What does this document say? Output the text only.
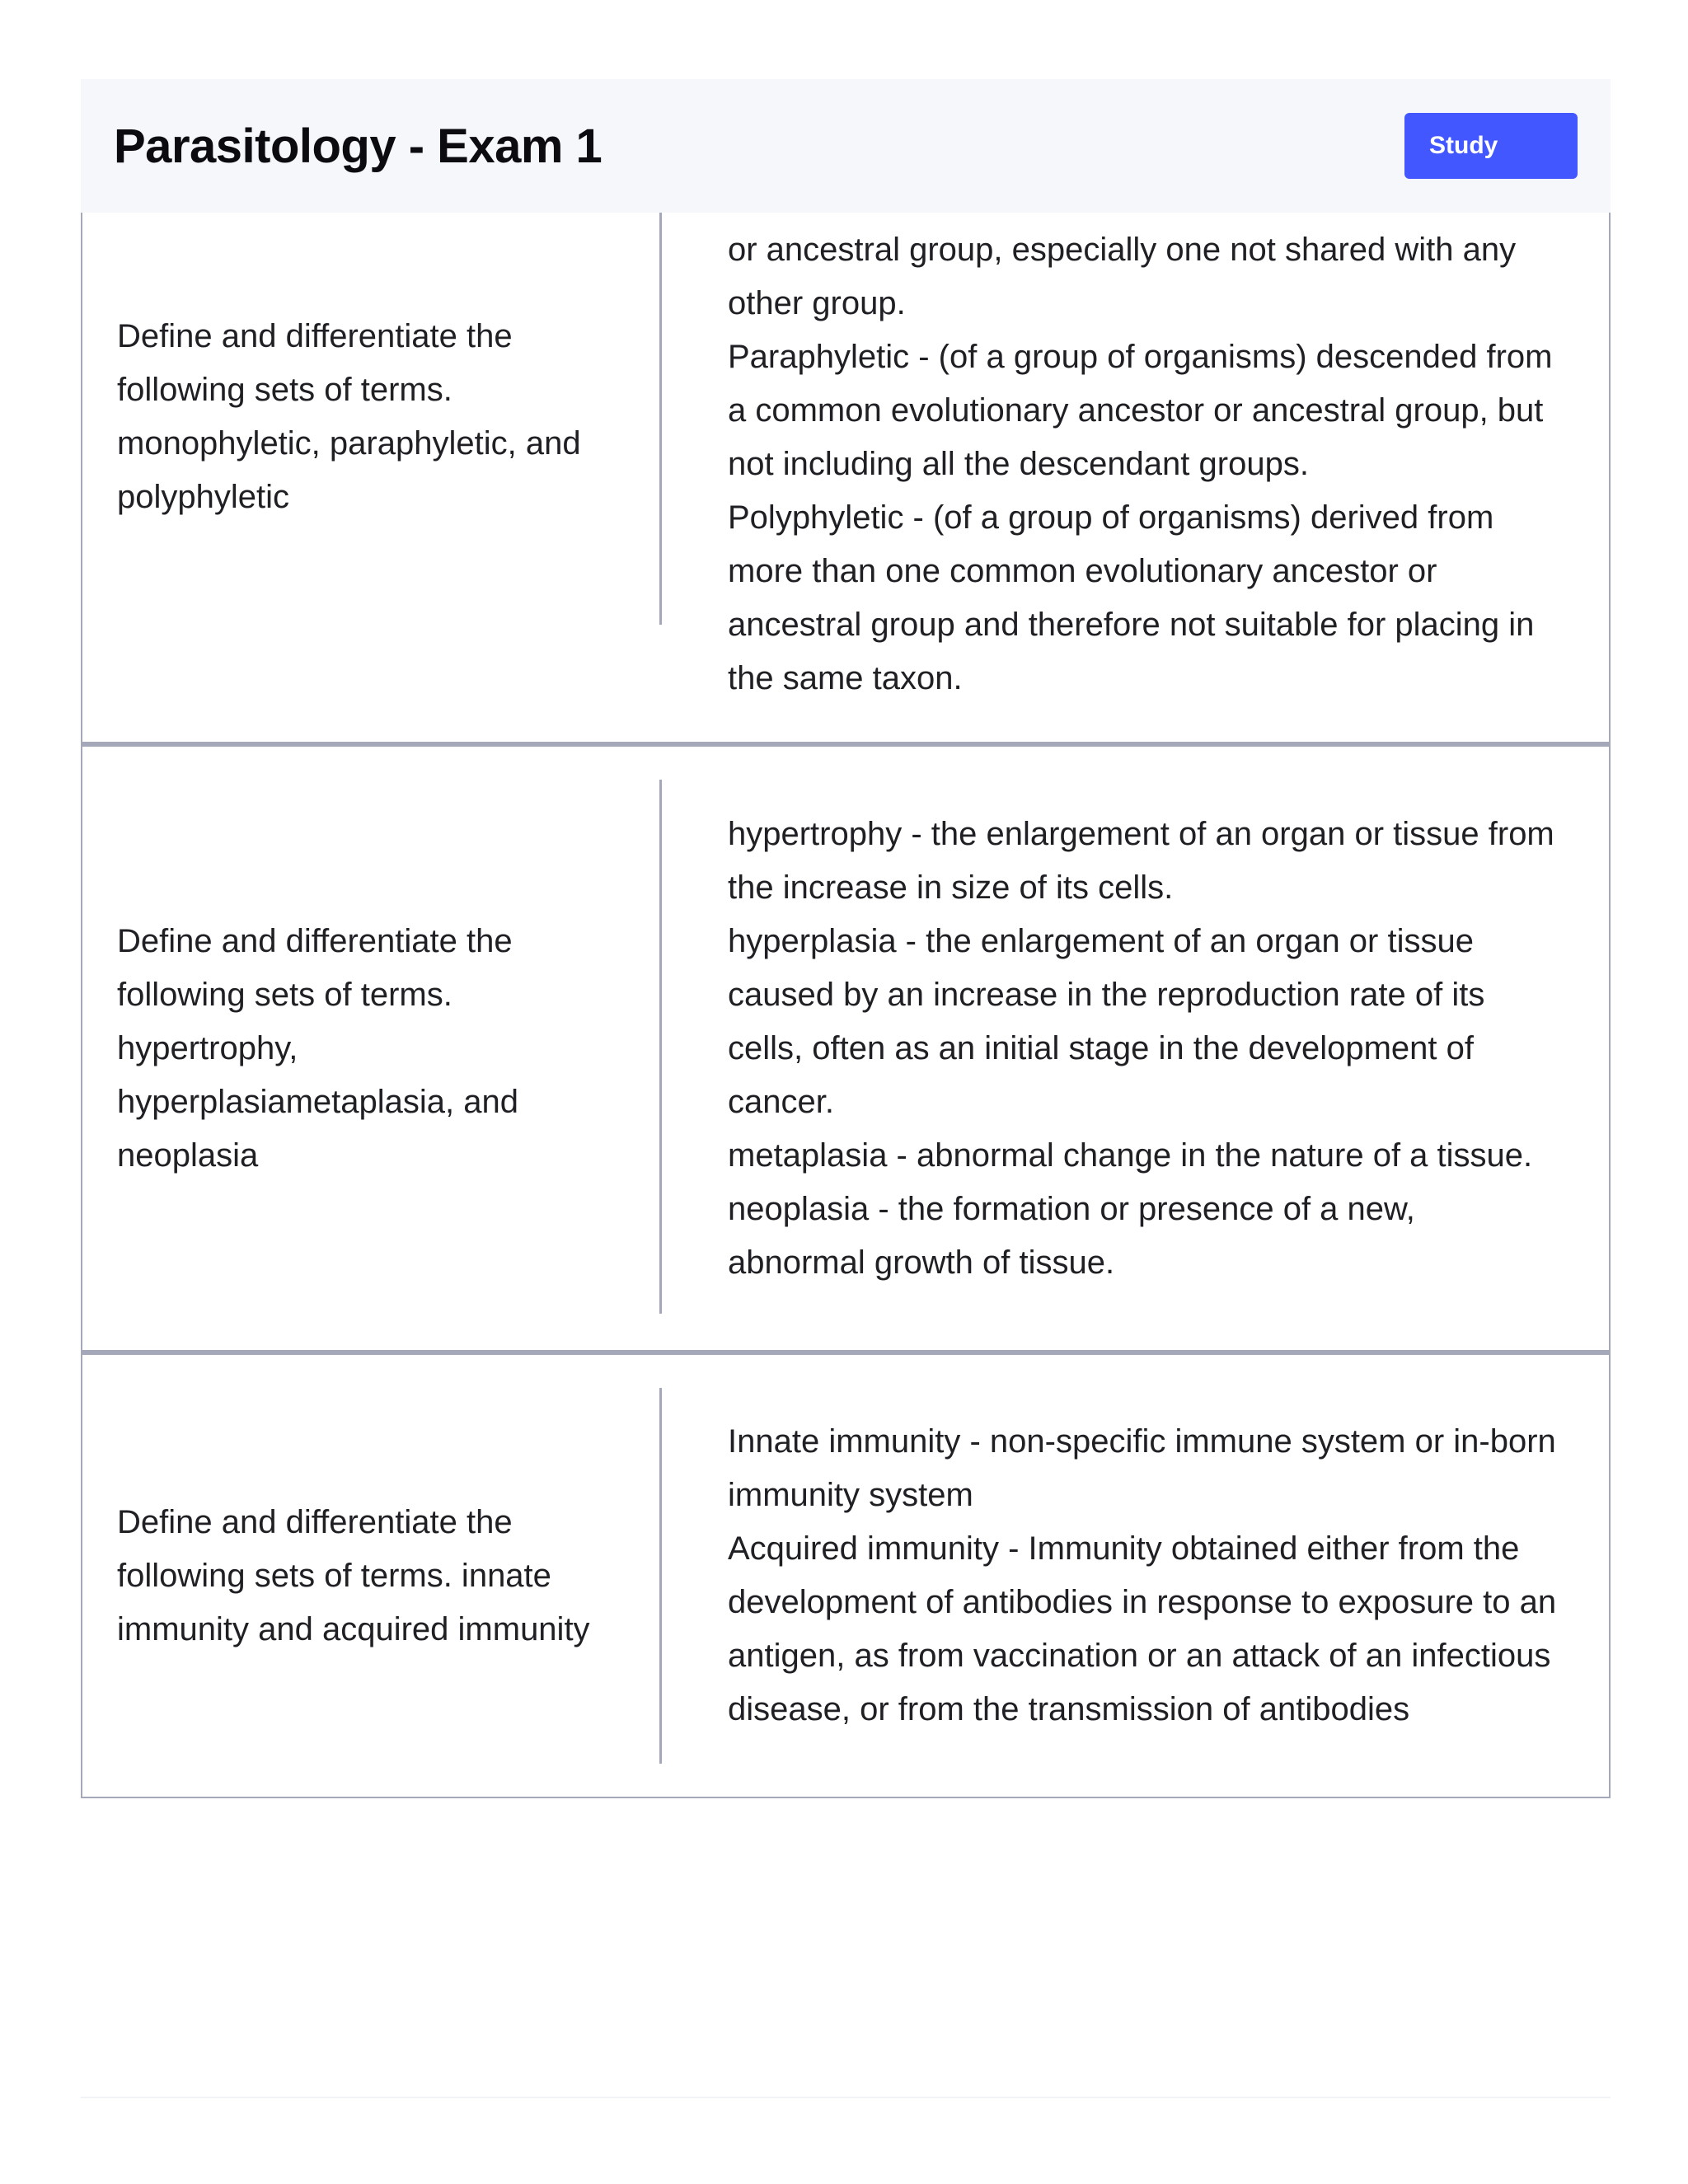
Parasitology - Exam 1	Study
Define and differentiate the following sets of terms. monophyletic, paraphyletic, and polyphyletic

or ancestral group, especially one not shared with any other group.
Paraphyletic - (of a group of organisms) descended from a common evolutionary ancestor or ancestral group, but not including all the descendant groups.
Polyphyletic - (of a group of organisms) derived from more than one common evolutionary ancestor or ancestral group and therefore not suitable for placing in the same taxon.

Define and differentiate the following sets of terms. hypertrophy, hyperplasiametaplasia, and neoplasia

hypertrophy - the enlargement of an organ or tissue from the increase in size of its cells.
hyperplasia - the enlargement of an organ or tissue caused by an increase in the reproduction rate of its cells, often as an initial stage in the development of cancer.
metaplasia - abnormal change in the nature of a tissue.
neoplasia - the formation or presence of a new, abnormal growth of tissue.

Define and differentiate the following sets of terms. innate immunity and acquired immunity

Innate immunity - non-specific immune system or in-born immunity system
Acquired immunity - Immunity obtained either from the development of antibodies in response to exposure to an antigen, as from vaccination or an attack of an infectious disease, or from the transmission of antibodies
